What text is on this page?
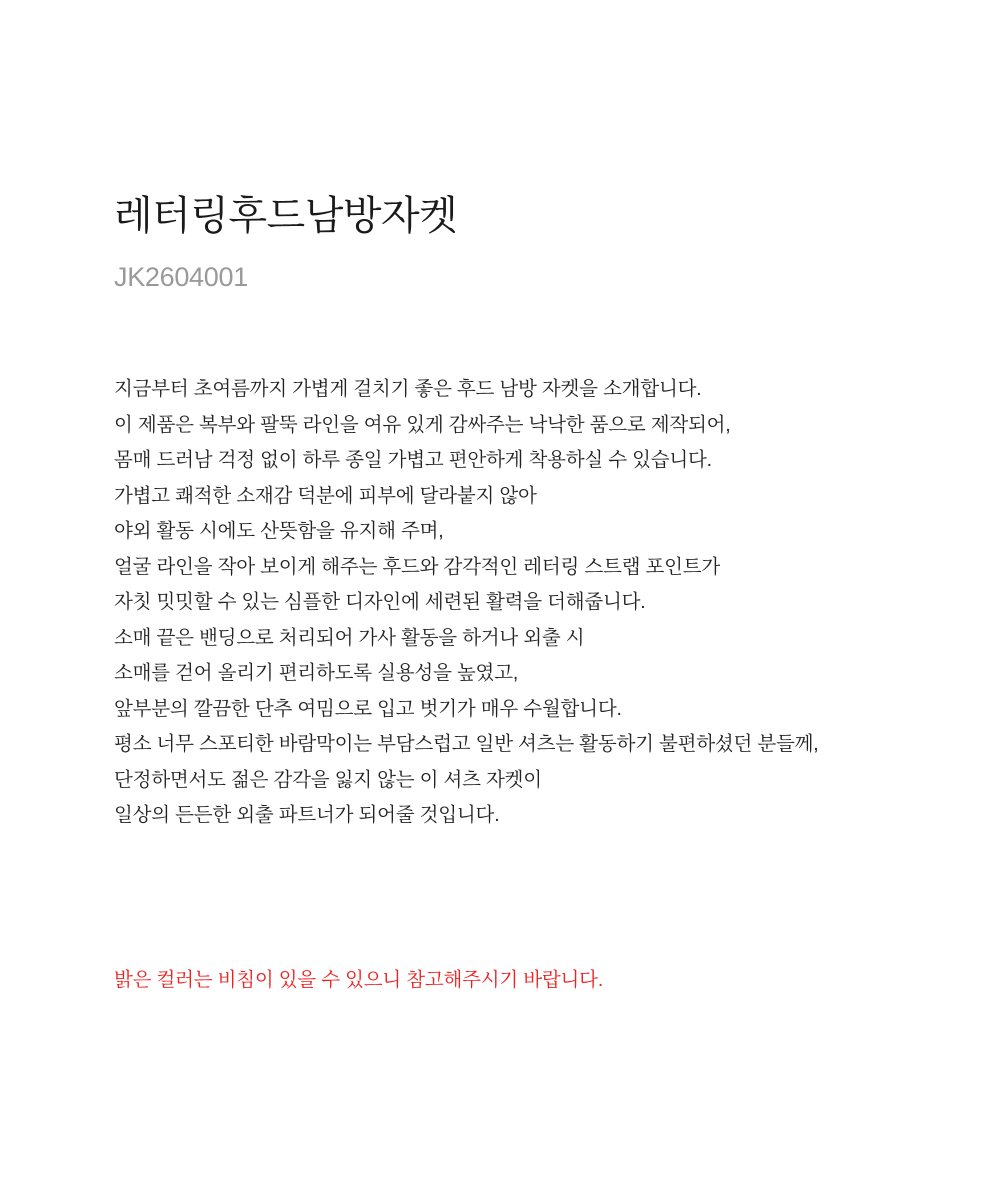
레터링후드남방자켓
JK2604001

지금부터 초여름까지 가볍게 걸치기 좋은 후드 남방 자켓을 소개합니다.

이 제품은 복부와 팔뚝 라인을 여유 있게 감싸주는 낙낙한 품으로 제작되어,

몸매 드러남 걱정 없이 하루 종일 가볍고 편안하게 착용하실 수 있습니다.

가볍고 쾌적한 소재감 덕분에 피부에 달라붙지 않아

야외 활동 시에도 산뜻함을 유지해 주며,

얼굴 라인을 작아 보이게 해주는 후드와 감각적인 레터링 스트랩 포인트가

자칫 밋밋할 수 있는 심플한 디자인에 세련된 활력을 더해줍니다.

소매 끝은 밴딩으로 처리되어 가사 활동을 하거나 외출 시

소매를 걷어 올리기 편리하도록 실용성을 높였고,

앞부분의 깔끔한 단추 여밈으로 입고 벗기가 매우 수월합니다.

평소 너무 스포티한 바람막이는 부담스럽고 일반 셔츠는 활동하기 불편하셨던 분들께,

단정하면서도 젊은 감각을 잃지 않는 이 셔츠 자켓이

일상의 든든한 외출 파트너가 되어줄 것입니다.

밝은 컬러는 비침이 있을 수 있으니 참고해주시기 바랍니다.
